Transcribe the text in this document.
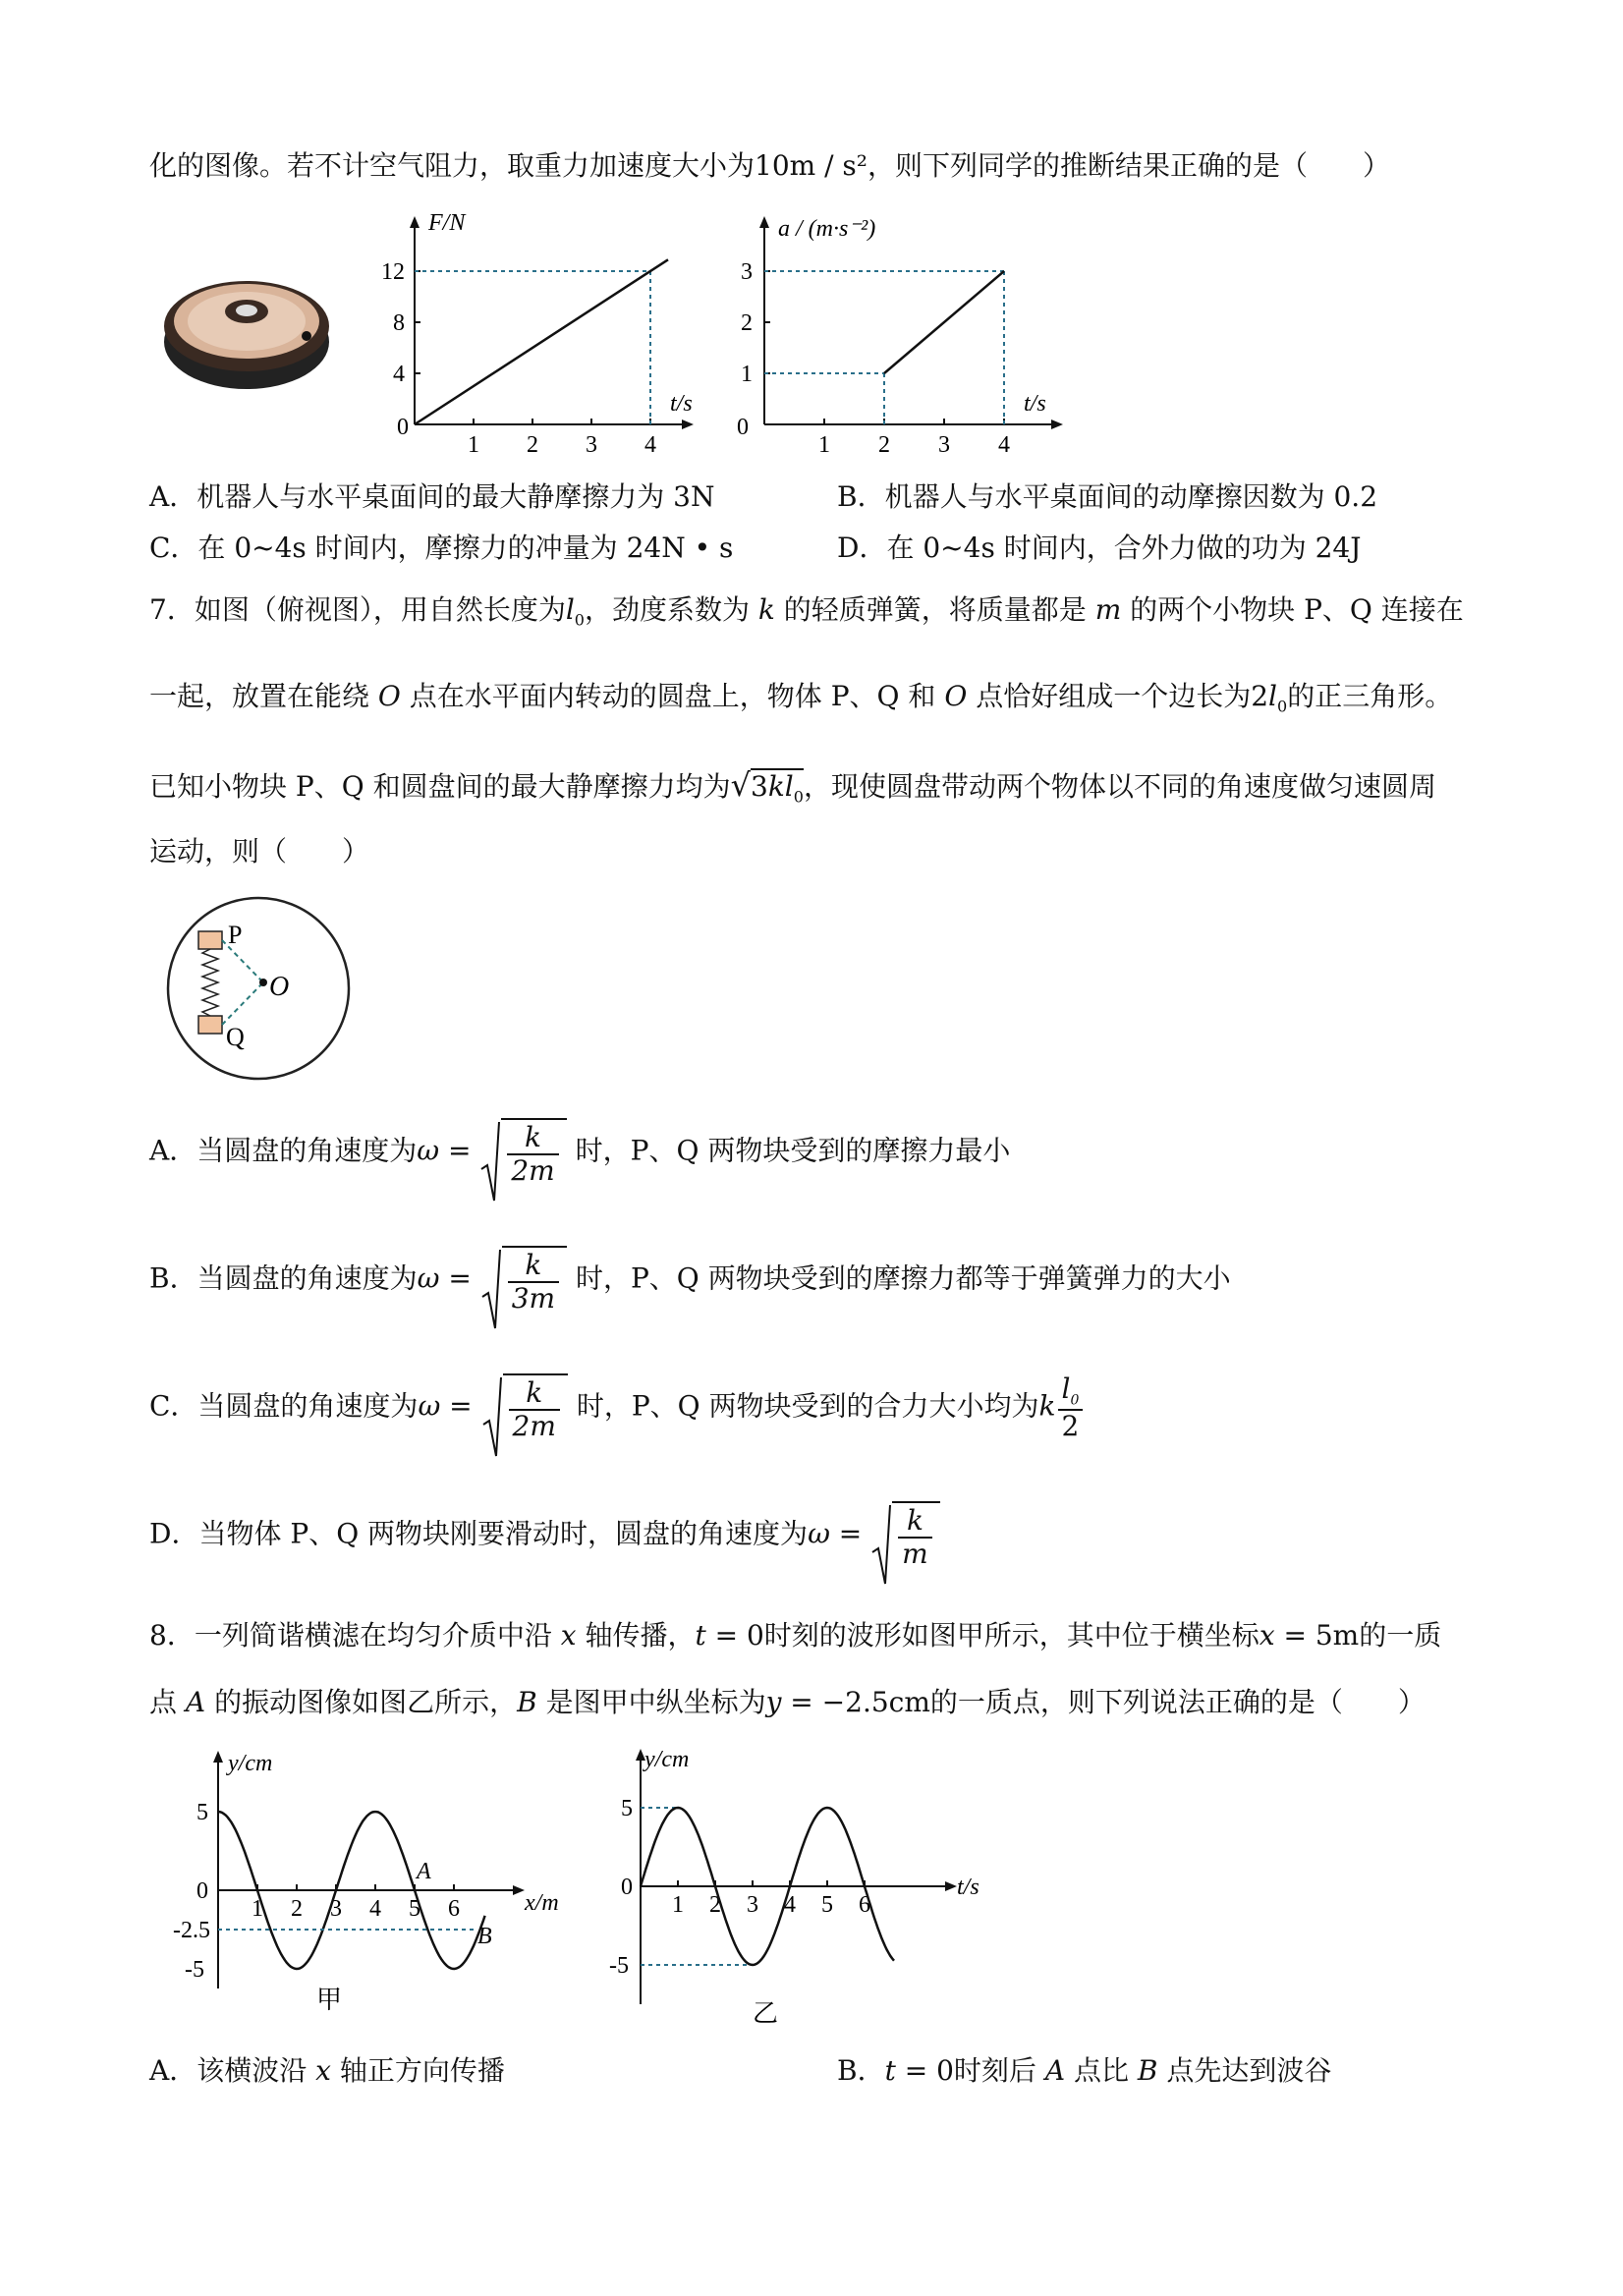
化的图像。若不计空气阻力，取重力加速度大小为10m / s²，则下列同学的推断结果正确的是（　　）
F/N
t/s
0
1 2 3 4
4
8
12
a / (m·s⁻²)
t/s
0
1 2 3 4
1
2
3
A．机器人与水平桌面间的最大静摩擦力为 3N	B．机器人与水平桌面间的动摩擦因数为 0.2
C．在 0~4s 时间内，摩擦力的冲量为 24N • s	D．在 0~4s 时间内，合外力做的功为 24J
7．如图（俯视图），用自然长度为$l_0$，劲度系数为 k 的轻质弹簧，将质量都是 m 的两个小物块 P、Q 连接在
一起，放置在能绕 O 点在水平面内转动的圆盘上，物体 P、Q 和 O 点恰好组成一个边长为$2l_0$的正三角形。
已知小物块 P、Q 和圆盘间的最大静摩擦力均为$√3kl_0$，现使圆盘带动两个物体以不同的角速度做匀速圆周
运动，则（　　）
P
Q
O
A．当圆盘的角速度为$\omega = \frac{k}{2m}$ 时，P、Q 两物块受到的摩擦力最小
B．当圆盘的角速度为$\omega = \frac{k}{3m}$ 时，P、Q 两物块受到的摩擦力都等于弹簧弹力的大小
C．当圆盘的角速度为$\omega = \frac{k}{2m}$ 时，P、Q 两物块受到的合力大小均为k $\frac{l_0}{2}$
D．当物体 P、Q 两物块刚要滑动时，圆盘的角速度为$\omega = \frac{k}{m}$
8．一列简谐横滤在均匀介质中沿 x 轴传播，t = 0时刻的波形如图甲所示，其中位于横坐标x = 5m的一质
点 A 的振动图像如图乙所示，B 是图甲中纵坐标为y = −2.5cm的一质点，则下列说法正确的是（　　）
y/cm
x/m
1 2 3 4 5 6
5
0
-2.5
-5
A
B
甲
y/cm
t/s
1 2 3 4 5 6
5
0
-5
乙
A．该横波沿 x 轴正方向传播	B．t = 0时刻后 A 点比 B 点先达到波谷
